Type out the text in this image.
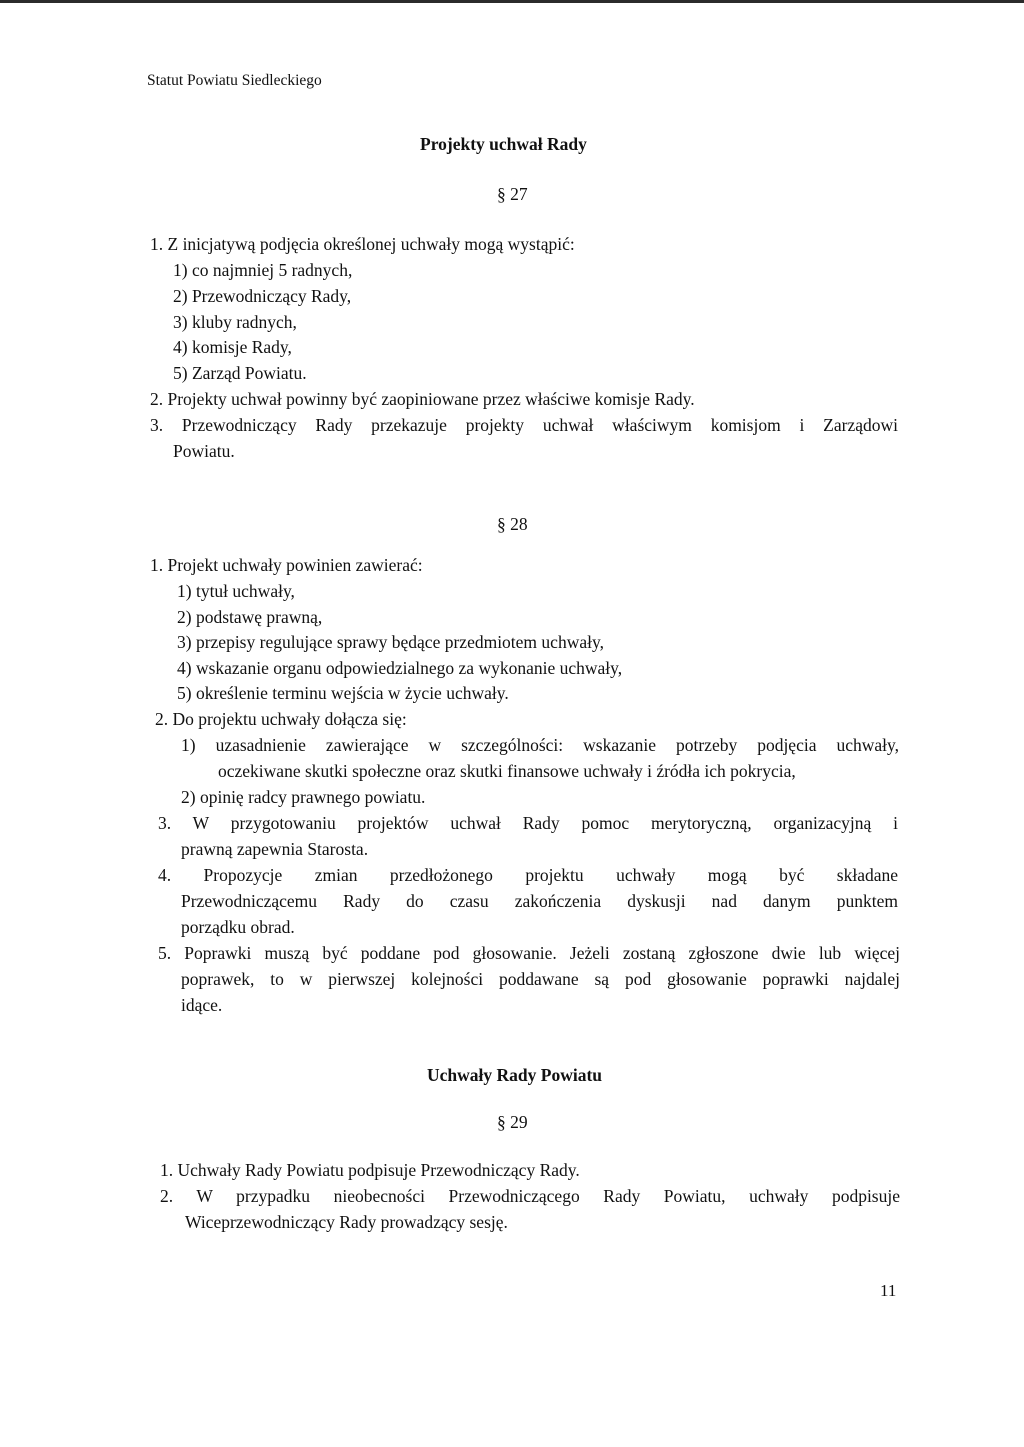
Statut Powiatu Siedleckiego
Projekty uchwał Rady
§ 27
1. Z inicjatywą podjęcia określonej uchwały mogą wystąpić:
1) co najmniej 5 radnych,
2) Przewodniczący Rady,
3) kluby radnych,
4) komisje Rady,
5) Zarząd Powiatu.
2. Projekty uchwał powinny być zaopiniowane przez właściwe komisje Rady.
3. Przewodniczący Rady przekazuje projekty uchwał właściwym komisjom i Zarządowi
Powiatu.
§ 28
1. Projekt uchwały powinien zawierać:
1) tytuł uchwały,
2) podstawę prawną,
3) przepisy regulujące sprawy będące przedmiotem uchwały,
4) wskazanie organu odpowiedzialnego za wykonanie uchwały,
5) określenie terminu wejścia w życie uchwały.
2. Do projektu uchwały dołącza się:
1) uzasadnienie zawierające w szczególności: wskazanie potrzeby podjęcia uchwały,
oczekiwane skutki społeczne oraz skutki finansowe uchwały i źródła ich pokrycia,
2) opinię radcy prawnego powiatu.
3. W przygotowaniu projektów uchwał Rady pomoc merytoryczną, organizacyjną i
prawną zapewnia Starosta.
4. Propozycje zmian przedłożonego projektu uchwały mogą być składane
Przewodniczącemu Rady do czasu zakończenia dyskusji nad danym punktem
porządku obrad.
5. Poprawki muszą być poddane pod głosowanie. Jeżeli zostaną zgłoszone dwie lub więcej
poprawek, to w pierwszej kolejności poddawane są pod głosowanie poprawki najdalej
idące.
Uchwały Rady Powiatu
§ 29
1. Uchwały Rady Powiatu podpisuje Przewodniczący Rady.
2. W przypadku nieobecności Przewodniczącego Rady Powiatu, uchwały podpisuje
Wiceprzewodniczący Rady prowadzący sesję.
11
